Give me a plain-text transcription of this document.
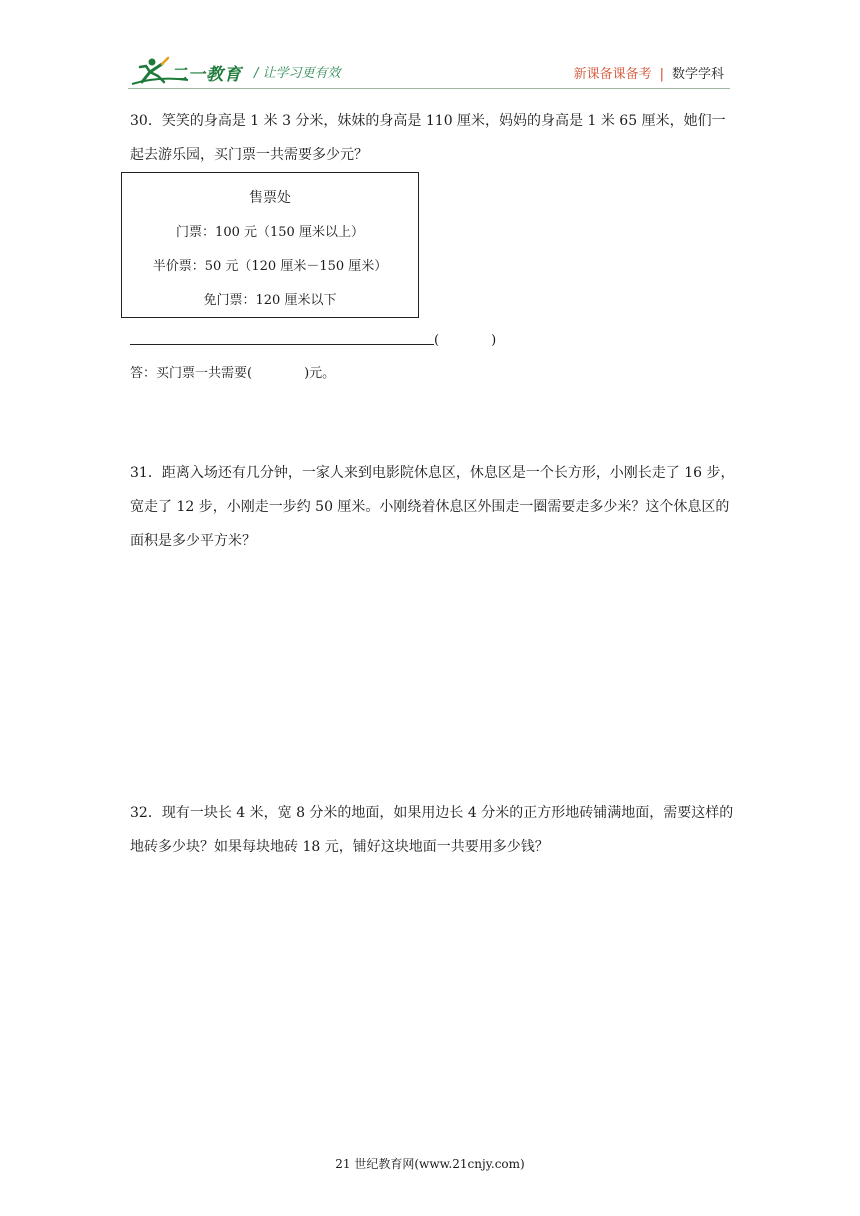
二一教育 / 让学习更有效	新课备课备考 | 数学学科
30．笑笑的身高是 1 米 3 分米，妹妹的身高是 110 厘米，妈妈的身高是 1 米 65 厘米，她们一起去游乐园，买门票一共需要多少元？
售票处
门票：100 元（150 厘米以上）
半价票：50 元（120 厘米－150 厘米）
免门票：120 厘米以下
(　　　　)
答：买门票一共需要(　　　　)元。
31．距离入场还有几分钟，一家人来到电影院休息区，休息区是一个长方形，小刚长走了 16 步，宽走了 12 步，小刚走一步约 50 厘米。小刚绕着休息区外围走一圈需要走多少米？这个休息区的面积是多少平方米？
32．现有一块长 4 米，宽 8 分米的地面，如果用边长 4 分米的正方形地砖铺满地面，需要这样的地砖多少块？如果每块地砖 18 元，铺好这块地面一共要用多少钱？
21 世纪教育网(www.21cnjy.com)
